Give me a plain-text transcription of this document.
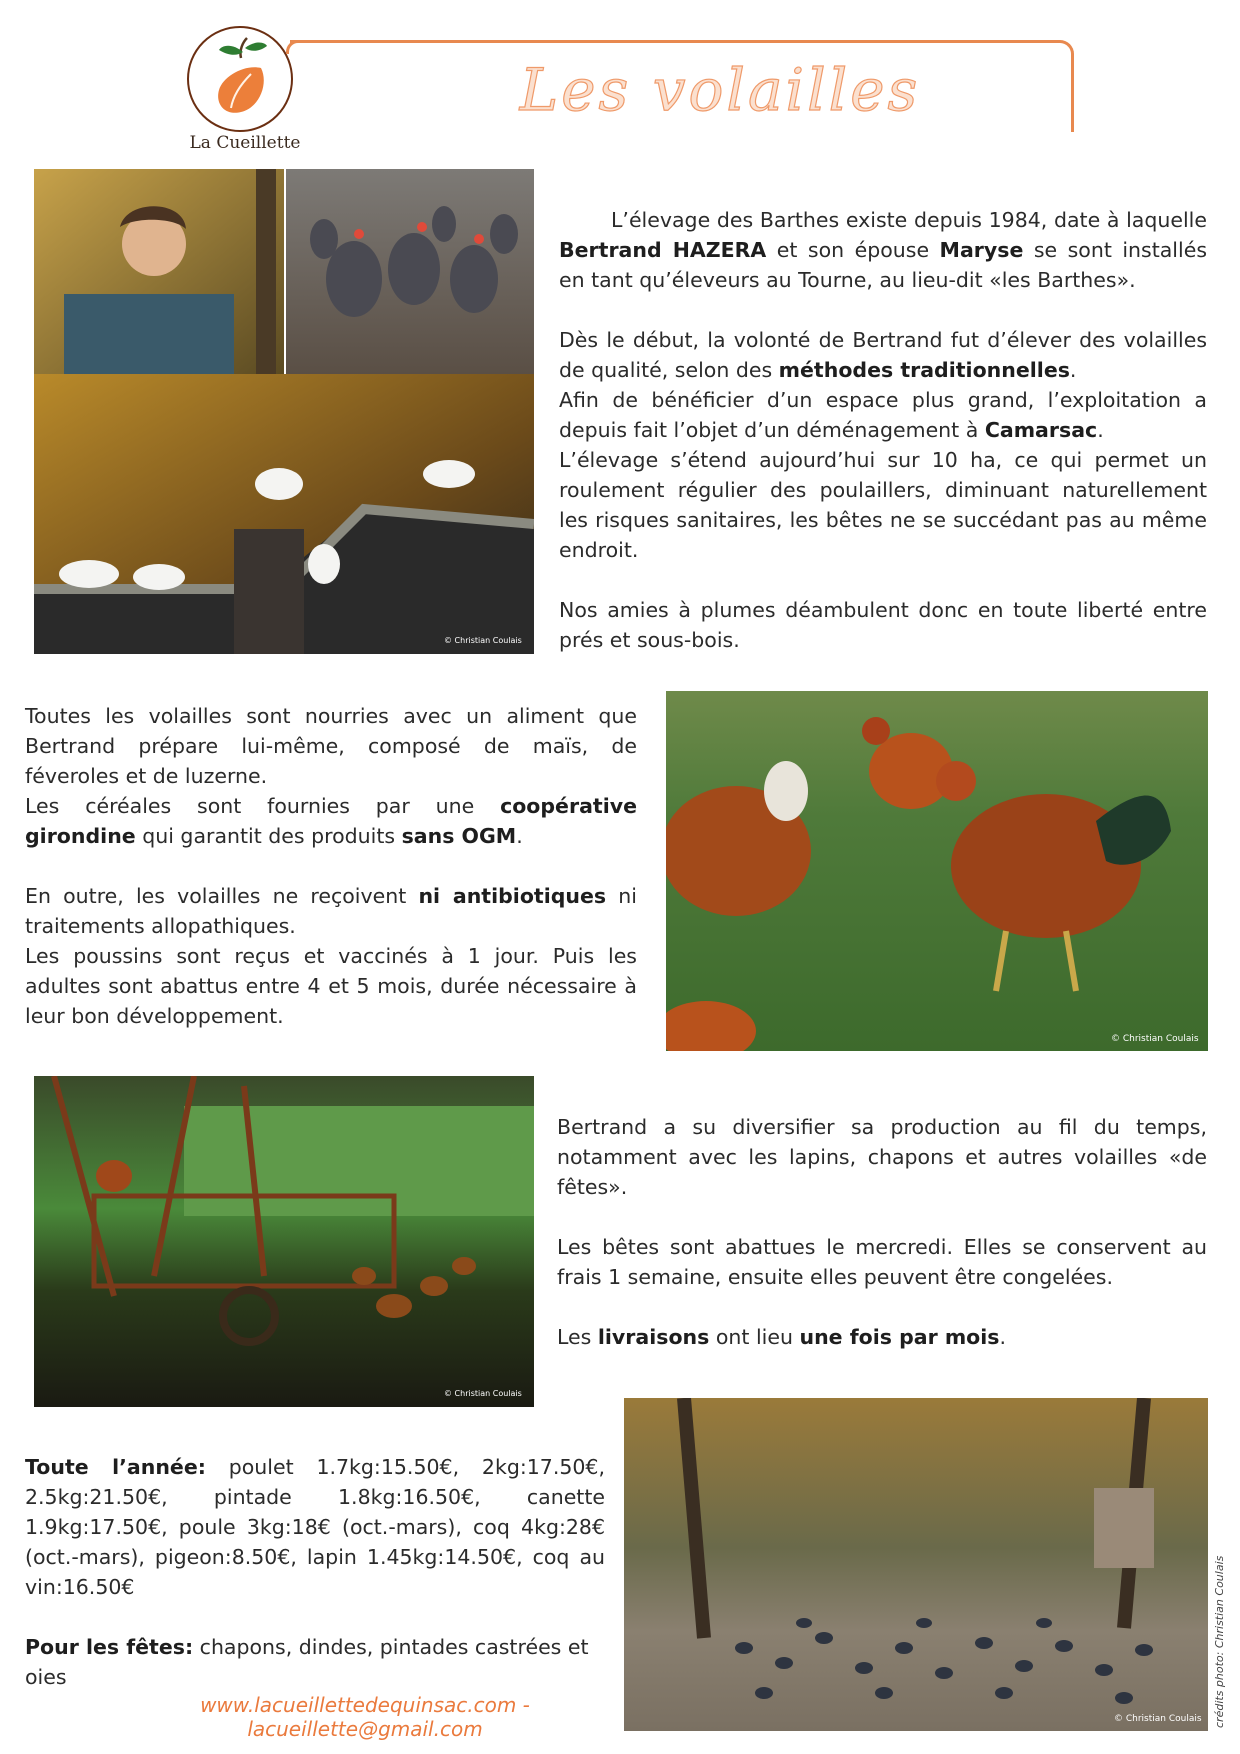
La Cueillette
Les volailles
© Christian Coulais

L’élevage des Barthes existe depuis 1984, date à laquelle Bertrand HAZERA et son épouse Maryse se sont installés en tant qu’éleveurs au Tourne, au lieu-dit «les Barthes».

Dès le début, la volonté de Bertrand fut d’élever des volailles de qualité, selon des méthodes traditionnelles.
Afin de bénéficier d’un espace plus grand, l’exploitation a depuis fait l’objet d’un déménagement à Camarsac.
L’élevage s’étend aujourd’hui sur 10 ha, ce qui permet un roulement régulier des poulaillers, diminuant naturellement les risques sanitaires, les bêtes ne se succédant pas au même endroit.

Nos amies à plumes déambulent donc en toute liberté entre prés et sous-bois.

Toutes les volailles sont nourries avec un aliment que Bertrand prépare lui-même, composé de maïs, de féveroles et de luzerne.
Les céréales sont fournies par une coopérative girondine qui garantit des produits sans OGM.

En outre, les volailles ne reçoivent ni antibiotiques ni traitements allopathiques.
Les poussins sont reçus et vaccinés à 1 jour. Puis les adultes sont abattus entre 4 et 5 mois, durée nécessaire à leur bon développement.

© Christian Coulais
© Christian Coulais

Bertrand a su diversifier sa production au fil du temps, notamment avec les lapins, chapons et autres volailles «de fêtes».

Les bêtes sont abattues le mercredi. Elles se conservent au frais 1 semaine, ensuite elles peuvent être congelées.

Les livraisons ont lieu une fois par mois.

Toute l’année: poulet 1.7kg:15.50€, 2kg:17.50€, 2.5kg:21.50€, pintade 1.8kg:16.50€, canette 1.9kg:17.50€, poule 3kg:18€ (oct.-mars), coq 4kg:28€ (oct.-mars), pigeon:8.50€, lapin 1.45kg:14.50€, coq au vin:16.50€

Pour les fêtes: chapons, dindes, pintades castrées et oies

© Christian Coulais crédits photo: Christian Coulais
www.lacueillettedequinsac.com - lacueillette@gmail.com
